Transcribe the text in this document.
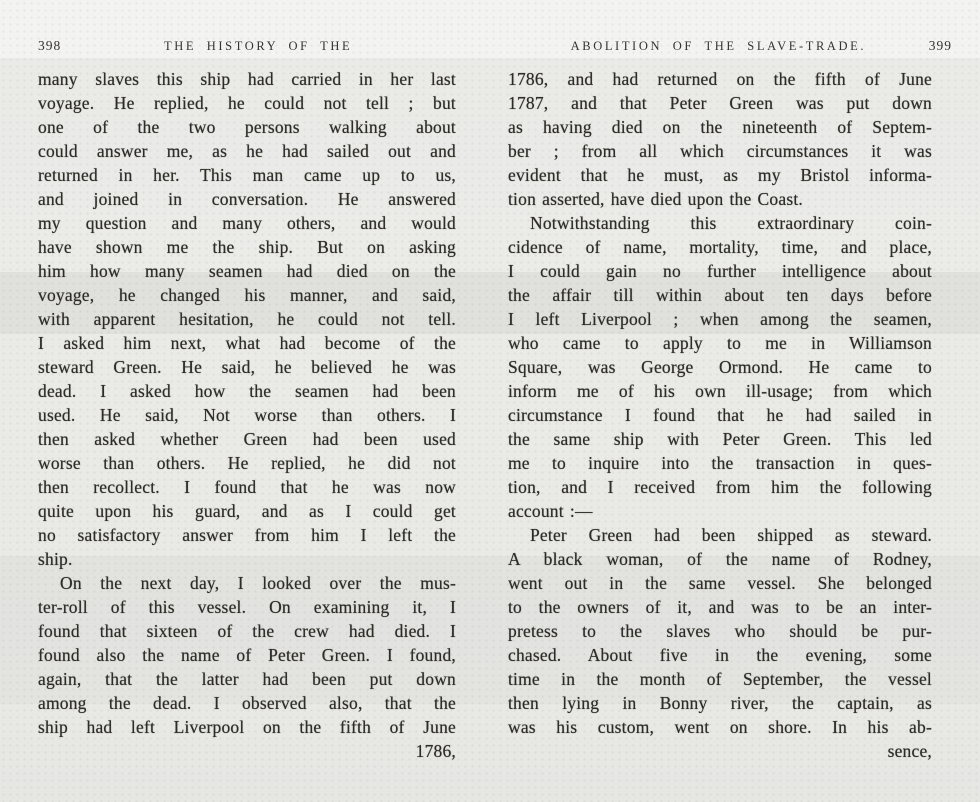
398	THE HISTORY OF THE
many slaves this ship had carried in her last
voyage. He replied, he could not tell ; but
one of the two persons walking about
could answer me, as he had sailed out and
returned in her. This man came up to us,
and joined in conversation. He answered
my question and many others, and would
have shown me the ship. But on asking
him how many seamen had died on the
voyage, he changed his manner, and said,
with apparent hesitation, he could not tell.
I asked him next, what had become of the
steward Green. He said, he believed he was
dead. I asked how the seamen had been
used. He said, Not worse than others. I
then asked whether Green had been used
worse than others. He replied, he did not
then recollect. I found that he was now
quite upon his guard, and as I could get
no satisfactory answer from him I left the
ship.
On the next day, I looked over the mus-
ter-roll of this vessel. On examining it, I
found that sixteen of the crew had died. I
found also the name of Peter Green. I found,
again, that the latter had been put down
among the dead. I observed also, that the
ship had left Liverpool on the fifth of June
1786,
ABOLITION OF THE SLAVE-TRADE.	399
1786, and had returned on the fifth of June
1787, and that Peter Green was put down
as having died on the nineteenth of Septem-
ber ; from all which circumstances it was
evident that he must, as my Bristol informa-
tion asserted, have died upon the Coast.
Notwithstanding this extraordinary coin-
cidence of name, mortality, time, and place,
I could gain no further intelligence about
the affair till within about ten days before
I left Liverpool ; when among the seamen,
who came to apply to me in Williamson
Square, was George Ormond. He came to
inform me of his own ill-usage; from which
circumstance I found that he had sailed in
the same ship with Peter Green. This led
me to inquire into the transaction in ques-
tion, and I received from him the following
account :—
Peter Green had been shipped as steward.
A black woman, of the name of Rodney,
went out in the same vessel. She belonged
to the owners of it, and was to be an inter-
pretess to the slaves who should be pur-
chased. About five in the evening, some
time in the month of September, the vessel
then lying in Bonny river, the captain, as
was his custom, went on shore. In his ab-
sence,
